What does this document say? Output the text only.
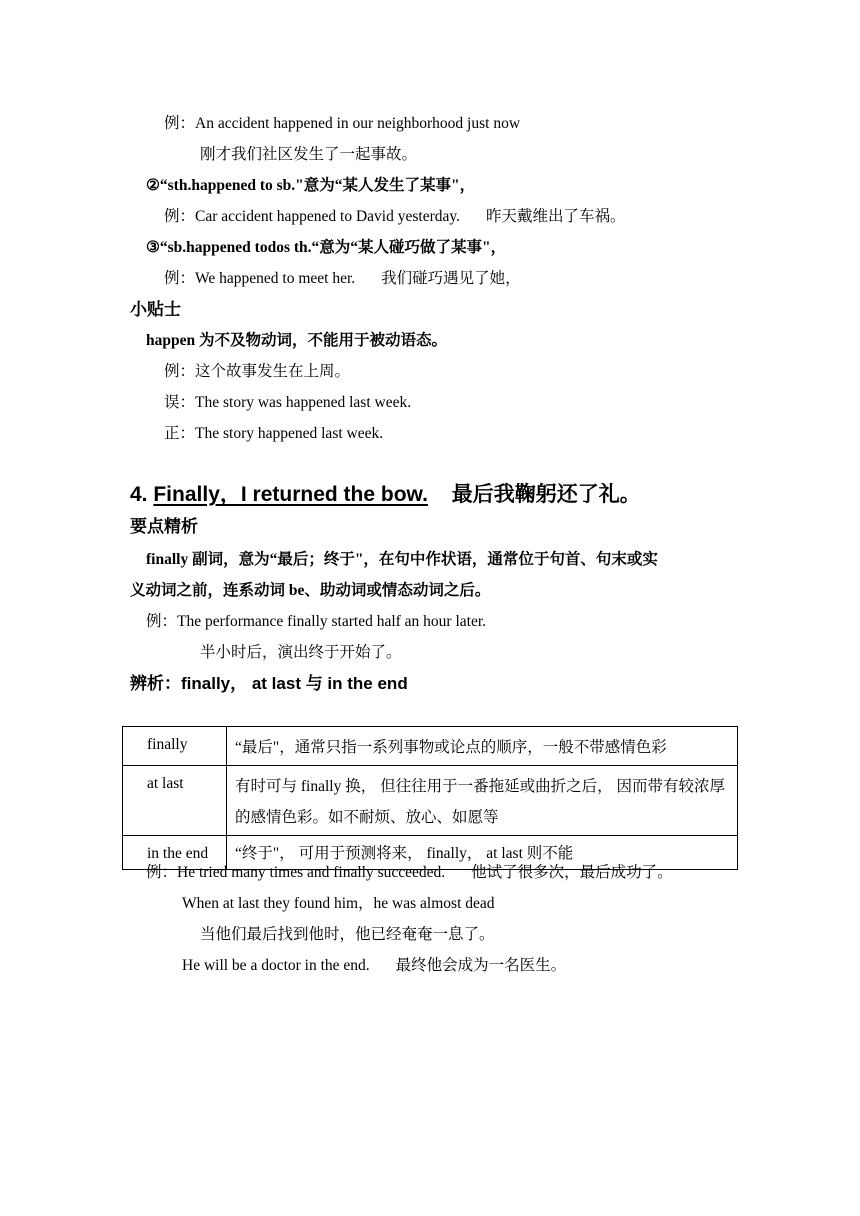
例：An accident happened in our neighborhood just now
刚才我们社区发生了一起事故。
②“sth.happened to sb."意为“某人发生了某事"，
例：Car accident happened to David yesterday. 昨天戴维出了车祸。
③“sb.happened todos th.“意为“某人碰巧做了某事"，
例：We happened to meet her. 我们碰巧遇见了她，
小贴士
happen 为不及物动词，不能用于被动语态。
例：这个故事发生在上周。
误：The story was happened last week.
正：The story happened last week.
4. Finally，I returned the bow. 最后我鞠躬还了礼。
要点精析
finally 副词，意为“最后；终于"，在句中作状语，通常位于句首、句末或实
义动词之前，连系动词 be、助动词或情态动词之后。
例：The performance finally started half an hour later.
半小时后，演出终于开始了。
辨析：finally， at last 与 in the end
finally	“最后"，通常只指一系列事物或论点的顺序，一般不带感情色彩
at last	有时可与 finally 换， 但往往用于一番拖延或曲折之后， 因而带有较浓厚的感情色彩。如不耐烦、放心、如愿等
in the end	“终于"， 可用于预测将来， finally， at last 则不能
例：He tried many times and finally succeeded. 他试了很多次，最后成功了。
When at last they found him，he was almost dead
当他们最后找到他时，他已经奄奄一息了。
He will be a doctor in the end. 最终他会成为一名医生。
